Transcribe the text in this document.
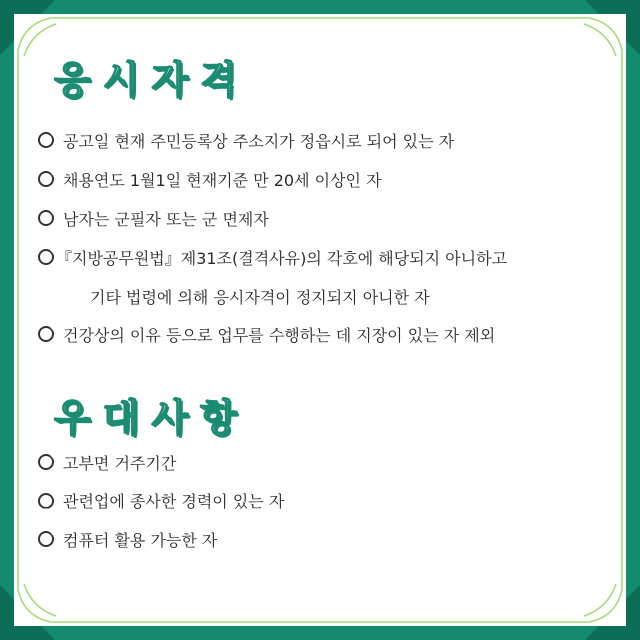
응 시 자 격
공고일 현재 주민등록상 주소지가 정읍시로 되어 있는 자
채용연도 1월1일 현재기준 만 20세 이상인 자
남자는 군필자 또는 군 면제자
『지방공무원법』제31조(결격사유)의 각호에 해당되지 아니하고
기타 법령에 의해 응시자격이 정지되지 아니한 자
건강상의 이유 등으로 업무를 수행하는 데 지장이 있는 자 제외
우 대 사 항
고부면 거주기간
관련업에 종사한 경력이 있는 자
컴퓨터 활용 가능한 자
